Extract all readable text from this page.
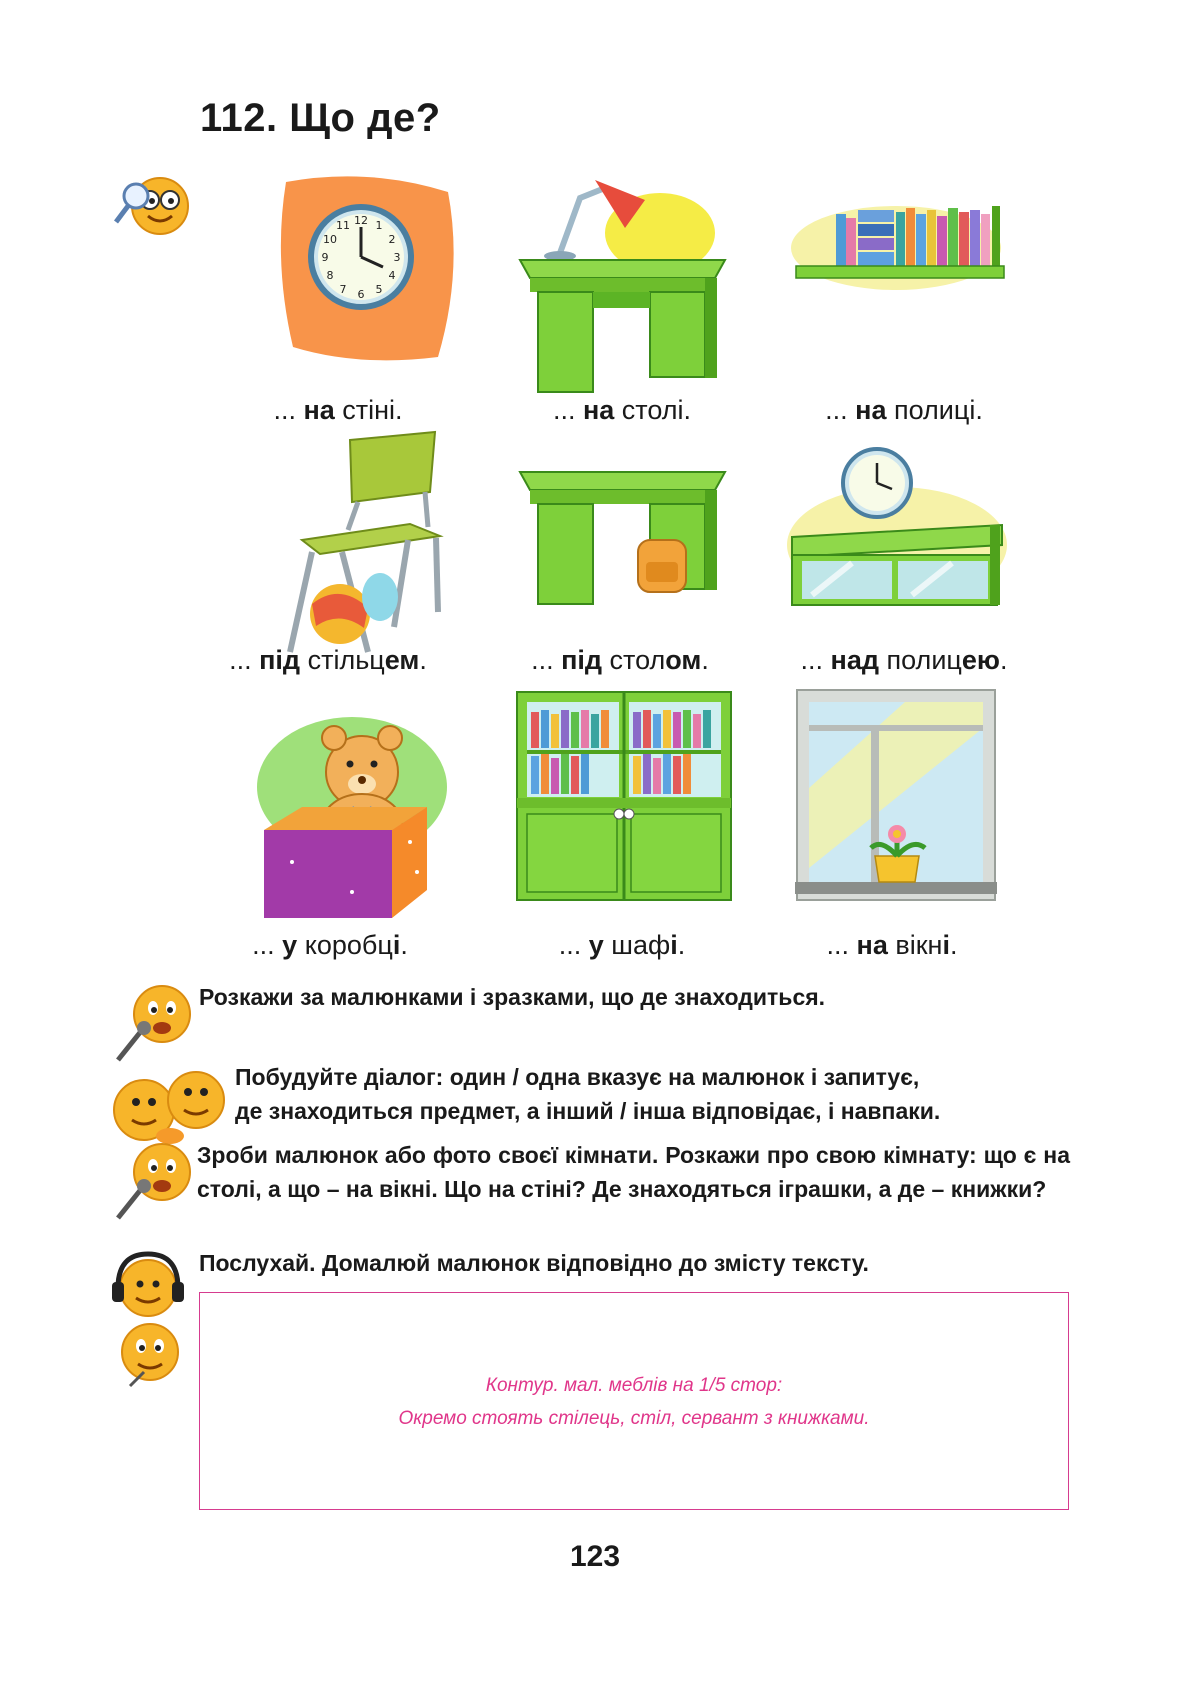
112. Що де?
12 1
2
3
4
5
6
7
8
9
10
11
... на стіні.	... на столі.	... на полиці.
... під стільцем.	... під столом.	... над полицею.
... у коробці.	... у шафі.	... на вікні.
Розкажи за малюнками і зразками, що де знаходиться.
Побудуйте діалог: один / одна вказує на малюнок і запитує,
де знаходиться предмет, а інший / інша відповідає, і навпаки.
Зроби малюнок або фото своєї кімнати. Розкажи про свою кімнату: що є на столі, а що – на вікні. Що на стіні? Де знаходяться іграшки, а де – книжки?
Послухай. Домалюй малюнок відповідно до змісту тексту.
Контур. мал. меблів на 1/5 стор:
Окремо стоять стілець, стіл, сервант з книжками.
123
